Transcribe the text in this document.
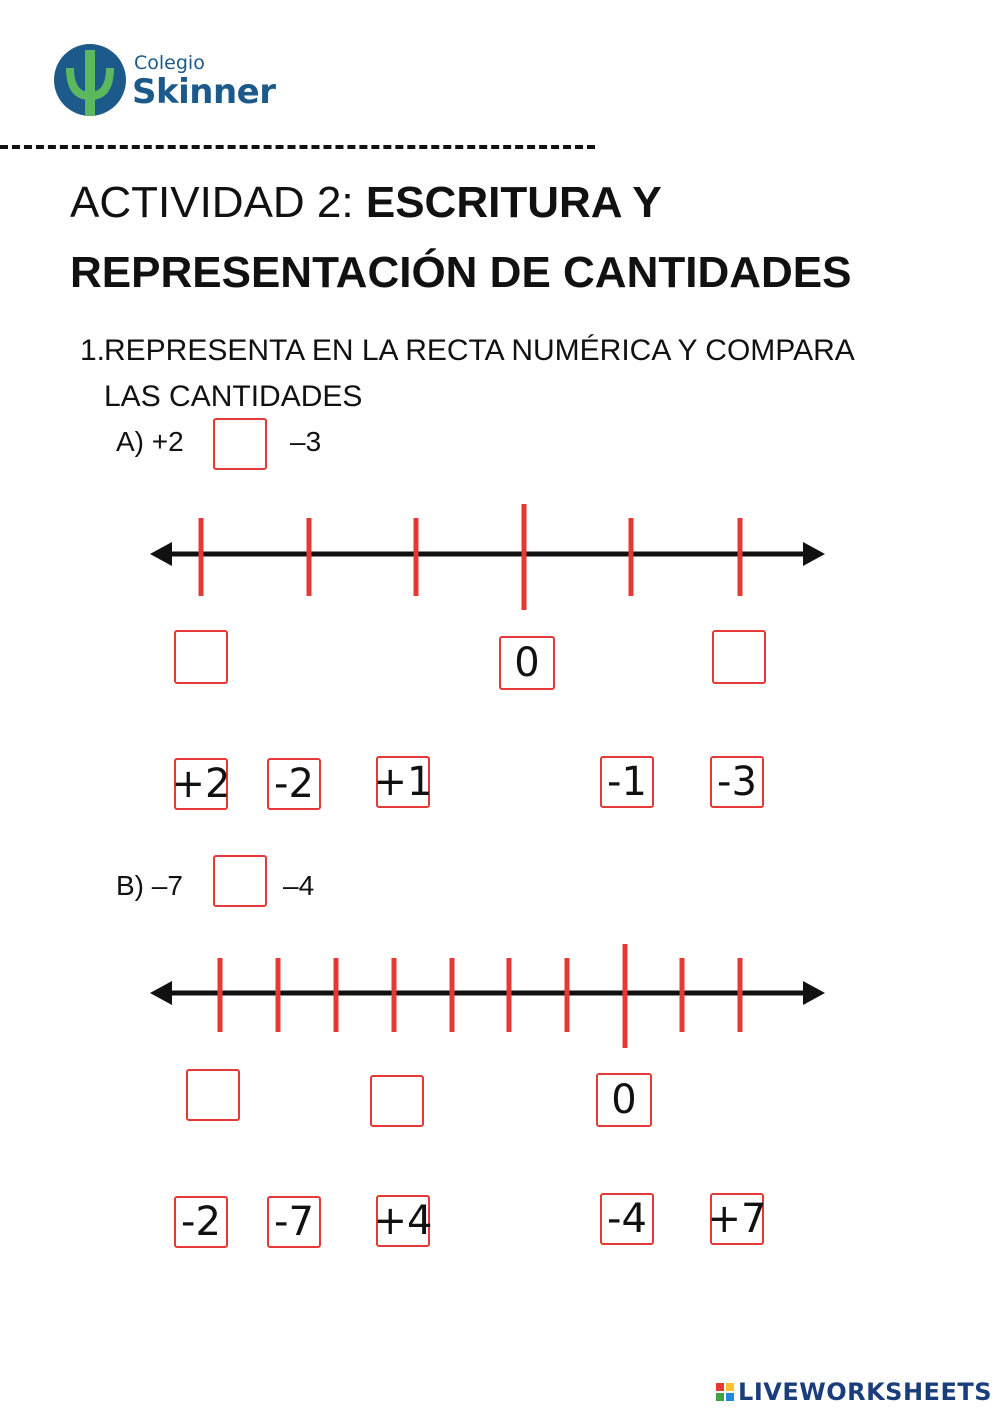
Colegio
Skinner
ACTIVIDAD 2: ESCRITURA Y
REPRESENTACIÓN DE CANTIDADES
1.REPRESENTA EN LA RECTA NUMÉRICA Y COMPARA
LAS CANTIDADES
A) +2	–3
0
+2 -2 +1	-1 -3
B) –7	–4
0
-2 -7 +4	-4 +7
LIVEWORKSHEETS
